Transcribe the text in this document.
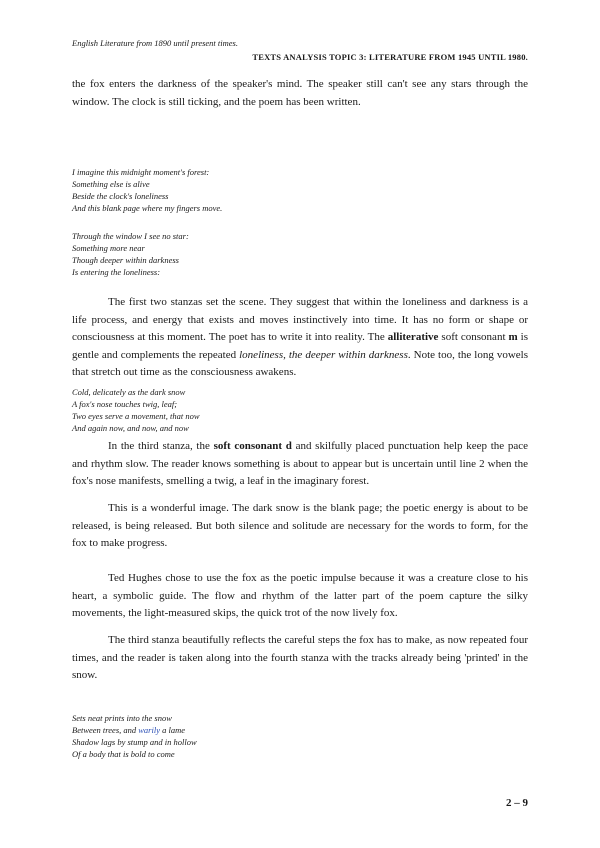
English Literature from 1890 until present times.
TEXTS ANALYSIS TOPIC 3: LITERATURE FROM 1945 UNTIL 1980.

the fox enters the darkness of the speaker's mind. The speaker still can't see any stars through the window. The clock is still ticking, and the poem has been written.

I imagine this midnight moment's forest:
Something else is alive
Beside the clock's loneliness
And this blank page where my fingers move.
Through the window I see no star:
Something more near
Though deeper within darkness
Is entering the loneliness:

The first two stanzas set the scene. They suggest that within the loneliness and darkness is a life process, and energy that exists and moves instinctively into time. It has no form or shape or consciousness at this moment. The poet has to write it into reality. The alliterative soft consonant m is gentle and complements the repeated loneliness, the deeper within darkness. Note too, the long vowels that stretch out time as the consciousness awakens.

Cold, delicately as the dark snow
A fox's nose touches twig, leaf;
Two eyes serve a movement, that now
And again now, and now, and now

In the third stanza, the soft consonant d and skilfully placed punctuation help keep the pace and rhythm slow. The reader knows something is about to appear but is uncertain until line 2 when the fox's nose manifests, smelling a twig, a leaf in the imaginary forest.

This is a wonderful image. The dark snow is the blank page; the poetic energy is about to be released, is being released. But both silence and solitude are necessary for the words to form, for the fox to make progress.

Ted Hughes chose to use the fox as the poetic impulse because it was a creature close to his heart, a symbolic guide. The flow and rhythm of the latter part of the poem capture the silky movements, the light-measured skips, the quick trot of the now lively fox.

The third stanza beautifully reflects the careful steps the fox has to make, as now repeated four times, and the reader is taken along into the fourth stanza with the tracks already being 'printed' in the snow.

Sets neat prints into the snow
Between trees, and warily a lame
Shadow lags by stump and in hollow
Of a body that is bold to come
2 – 9
